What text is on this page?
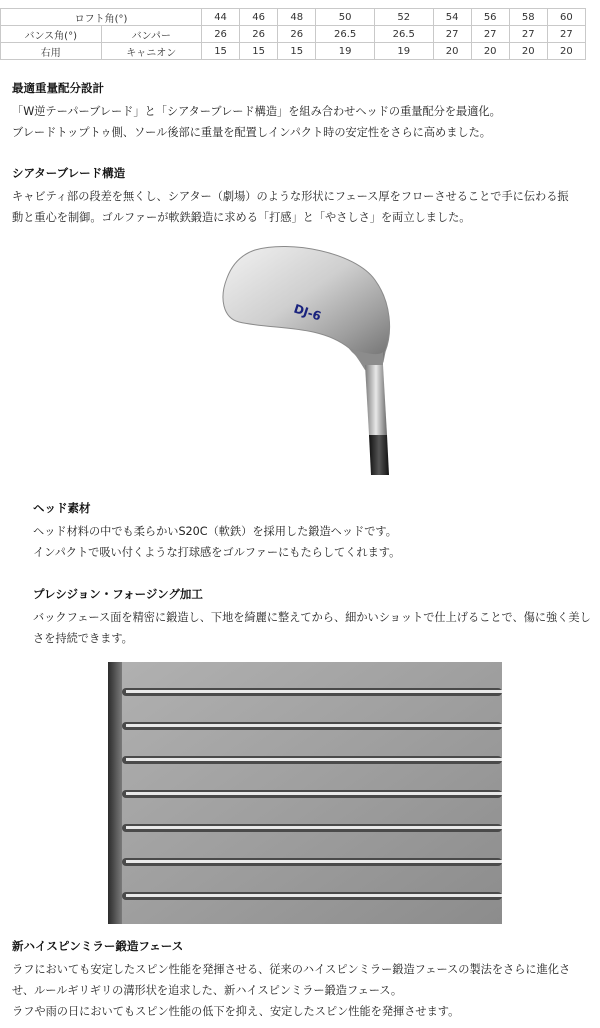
ロフト角(°)		44	46	48	50	52	54	56	58	60
バンス角(°)	バンパー	26	26	26	26.5	26.5	27	27	27	27
右用	キャニオン	15	15	15	19	19	20	20	20	20
最適重量配分設計

「W逆テーパーブレード」と「シアターブレード構造」を組み合わせヘッドの重量配分を最適化。

ブレードトップトゥ側、ソール後部に重量を配置しインパクト時の安定性をさらに高めました。

シアターブレード構造

キャビティ部の段差を無くし、シアター（劇場）のような形状にフェース厚をフローさせることで手に伝わる振

動と重心を制御。ゴルファーが軟鉄鍛造に求める「打感」と「やさしさ」を両立しました。

DJ-6
ヘッド素材

ヘッド材料の中でも柔らかいS20C（軟鉄）を採用した鍛造ヘッドです。

インパクトで吸い付くような打球感をゴルファーにもたらしてくれます。

プレシジョン・フォージング加工

バックフェース面を精密に鍛造し、下地を綺麗に整えてから、細かいショットで仕上げることで、傷に強く美し

さを持続できます。

新ハイスピンミラー鍛造フェース

ラフにおいても安定したスピン性能を発揮させる、従来のハイスピンミラー鍛造フェースの製法をさらに進化さ

せ、ルールギリギリの溝形状を追求した、新ハイスピンミラー鍛造フェース。

ラフや雨の日においてもスピン性能の低下を抑え、安定したスピン性能を発揮させます。
